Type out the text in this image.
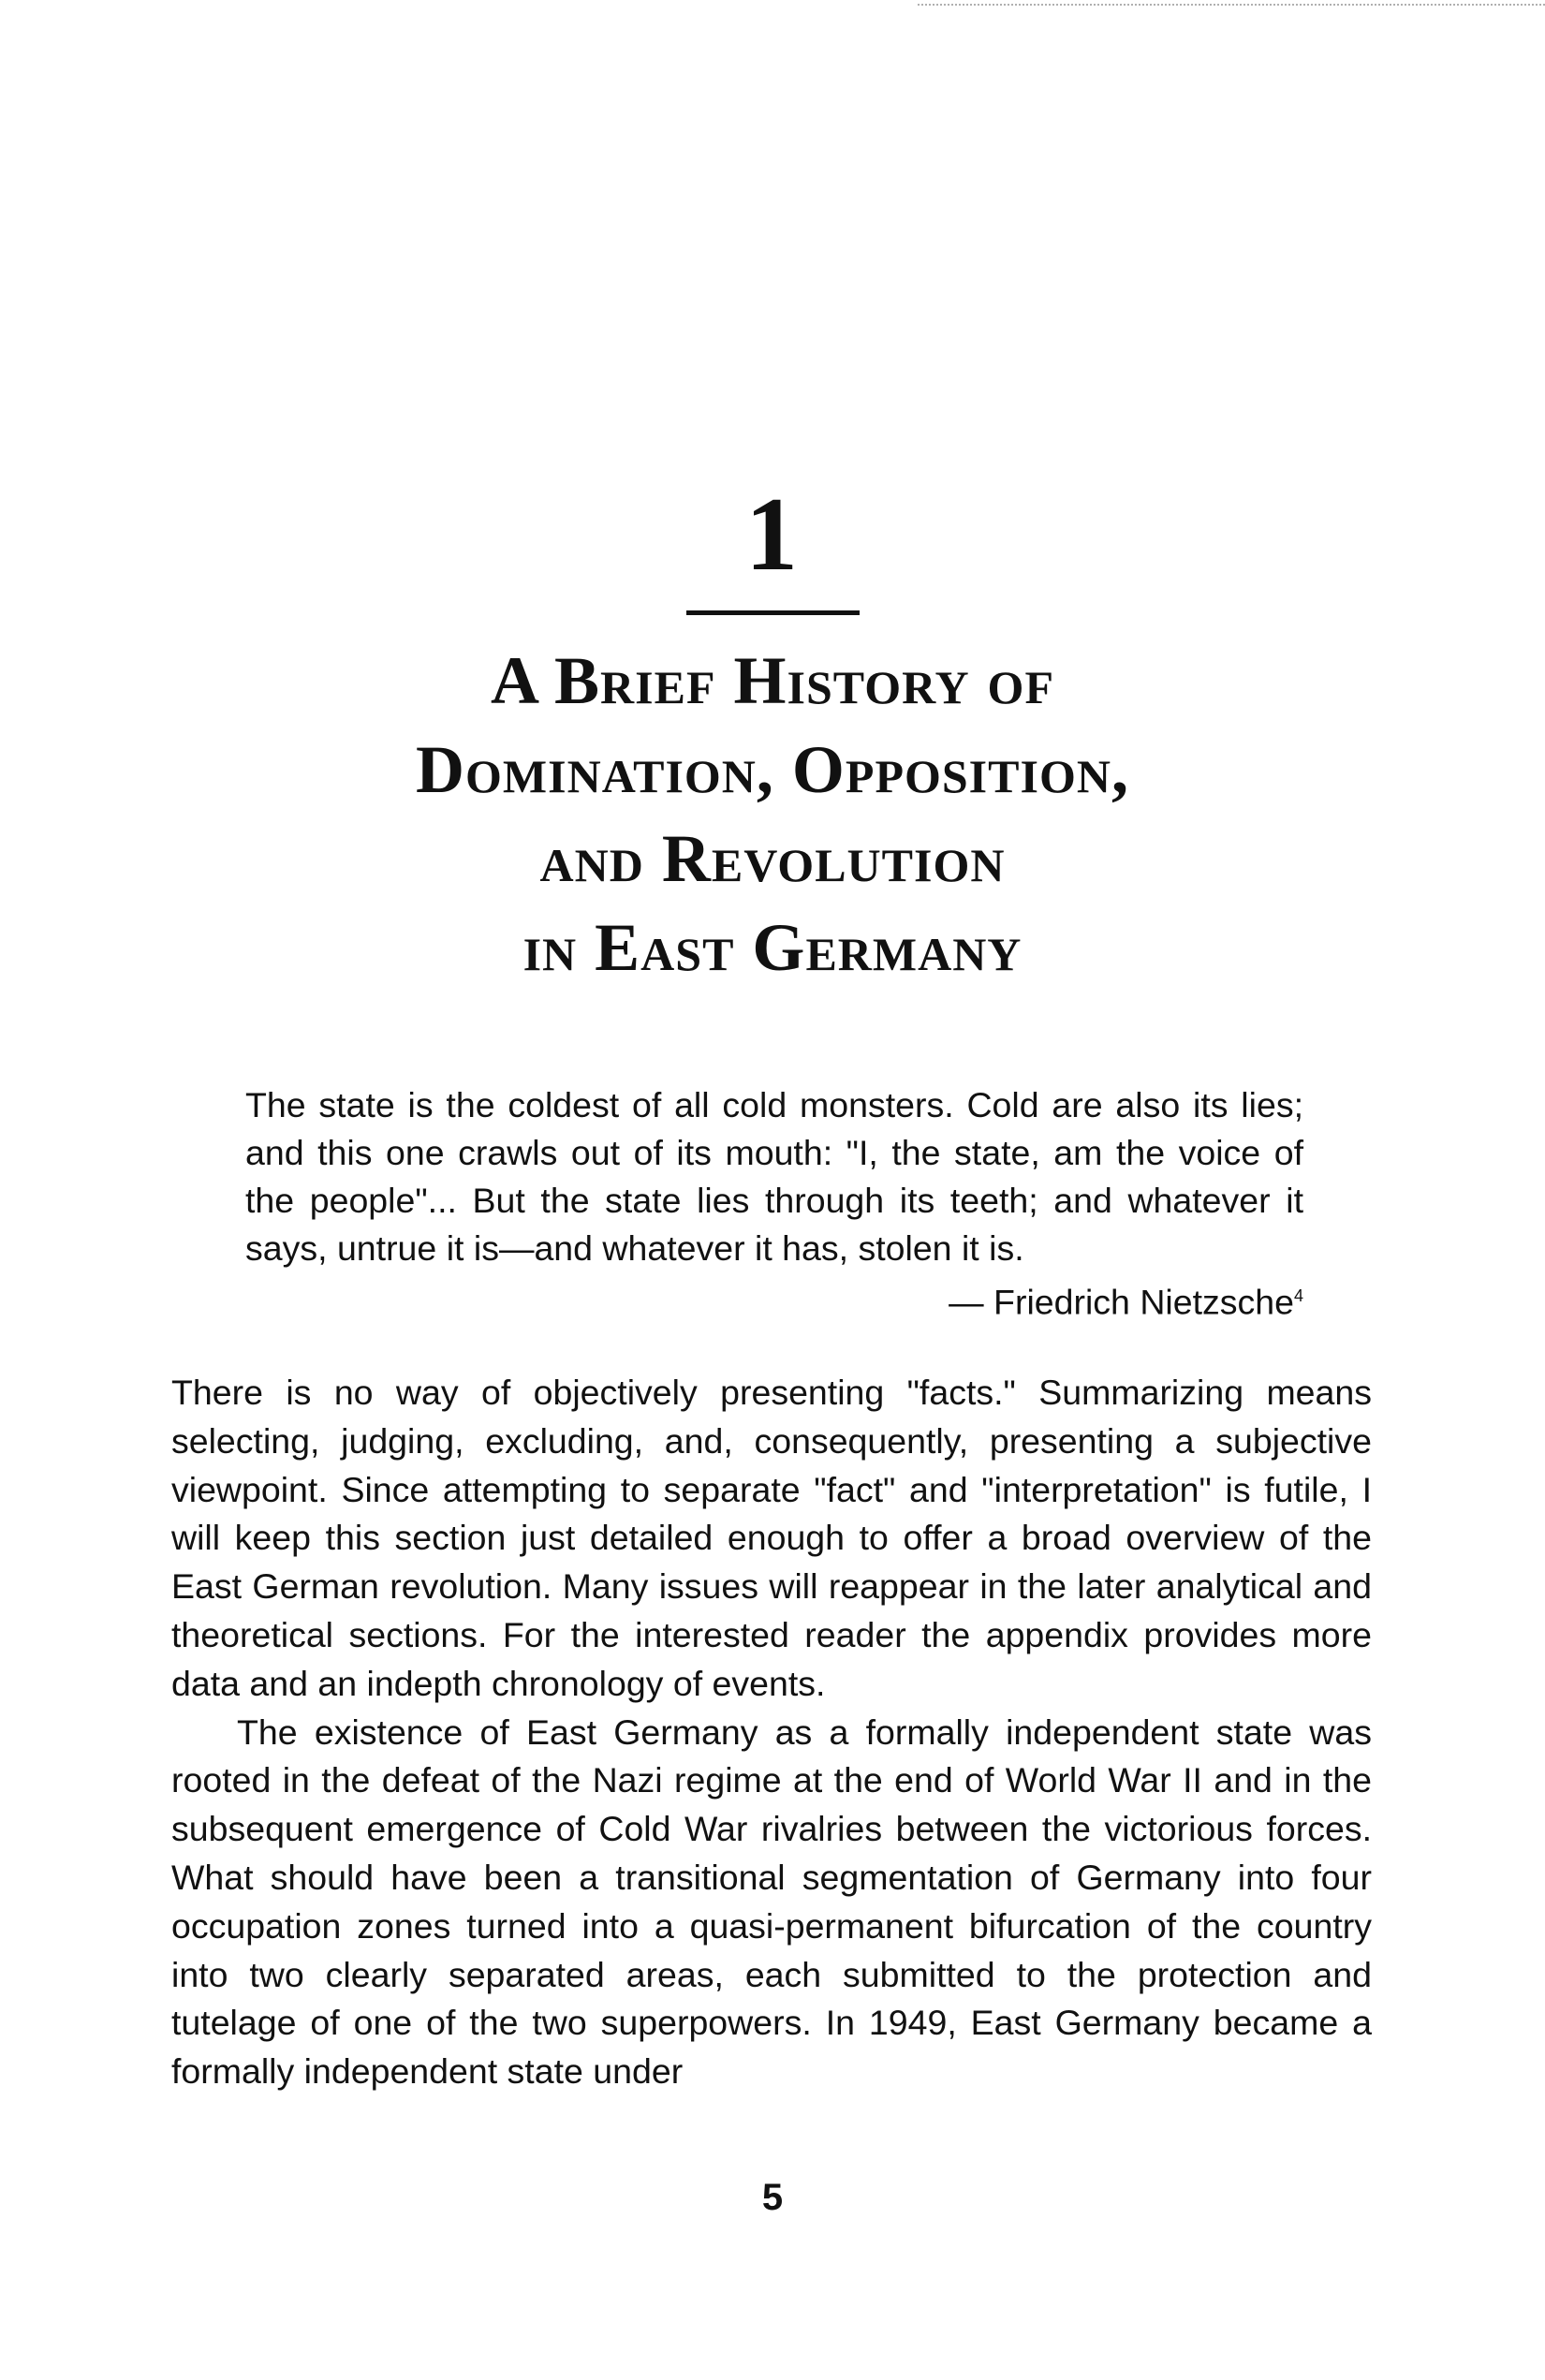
1
A Brief History of
Domination, Opposition,
and Revolution
in East Germany

The state is the coldest of all cold monsters. Cold are also its lies; and this one crawls out of its mouth: "I, the state, am the voice of the people"... But the state lies through its teeth; and whatever it says, untrue it is—and whatever it has, stolen it is.

— Friedrich Nietzsche$^4$

There is no way of objectively presenting "facts." Summarizing means selecting, judging, excluding, and, consequently, presenting a subjective viewpoint. Since attempting to separate "fact" and "interpretation" is futile, I will keep this section just detailed enough to offer a broad overview of the East German revolution. Many issues will reappear in the later analytical and theoretical sections. For the interested reader the appendix provides more data and an indepth chronology of events.

The existence of East Germany as a formally independent state was rooted in the defeat of the Nazi regime at the end of World War II and in the subsequent emergence of Cold War rivalries between the victorious forces. What should have been a transitional segmentation of Germany into four occupation zones turned into a quasi-permanent bifurcation of the country into two clearly separated areas, each submitted to the protection and tutelage of one of the two superpowers. In 1949, East Germany became a formally independent state under

5
